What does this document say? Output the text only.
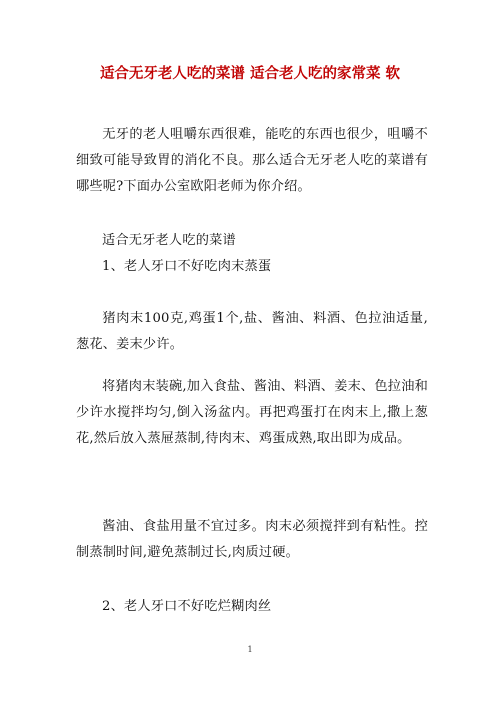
适合无牙老人吃的菜谱 适合老人吃的家常菜 软

无牙的老人咀嚼东西很难，能吃的东西也很少，咀嚼不细致可能导致胃的消化不良。那么适合无牙老人吃的菜谱有哪些呢?下面办公室欧阳老师为你介绍。

适合无牙老人吃的菜谱
1、老人牙口不好吃肉末蒸蛋

猪肉末100克,鸡蛋1个,盐、酱油、料酒、色拉油适量,葱花、姜末少许。

将猪肉末装碗,加入食盐、酱油、料酒、姜末、色拉油和少许水搅拌均匀,倒入汤盆内。再把鸡蛋打在肉末上,撒上葱花,然后放入蒸屉蒸制,待肉末、鸡蛋成熟,取出即为成品。

酱油、食盐用量不宜过多。肉末必须搅拌到有粘性。控制蒸制时间,避免蒸制过长,肉质过硬。

2、老人牙口不好吃烂糊肉丝
1
